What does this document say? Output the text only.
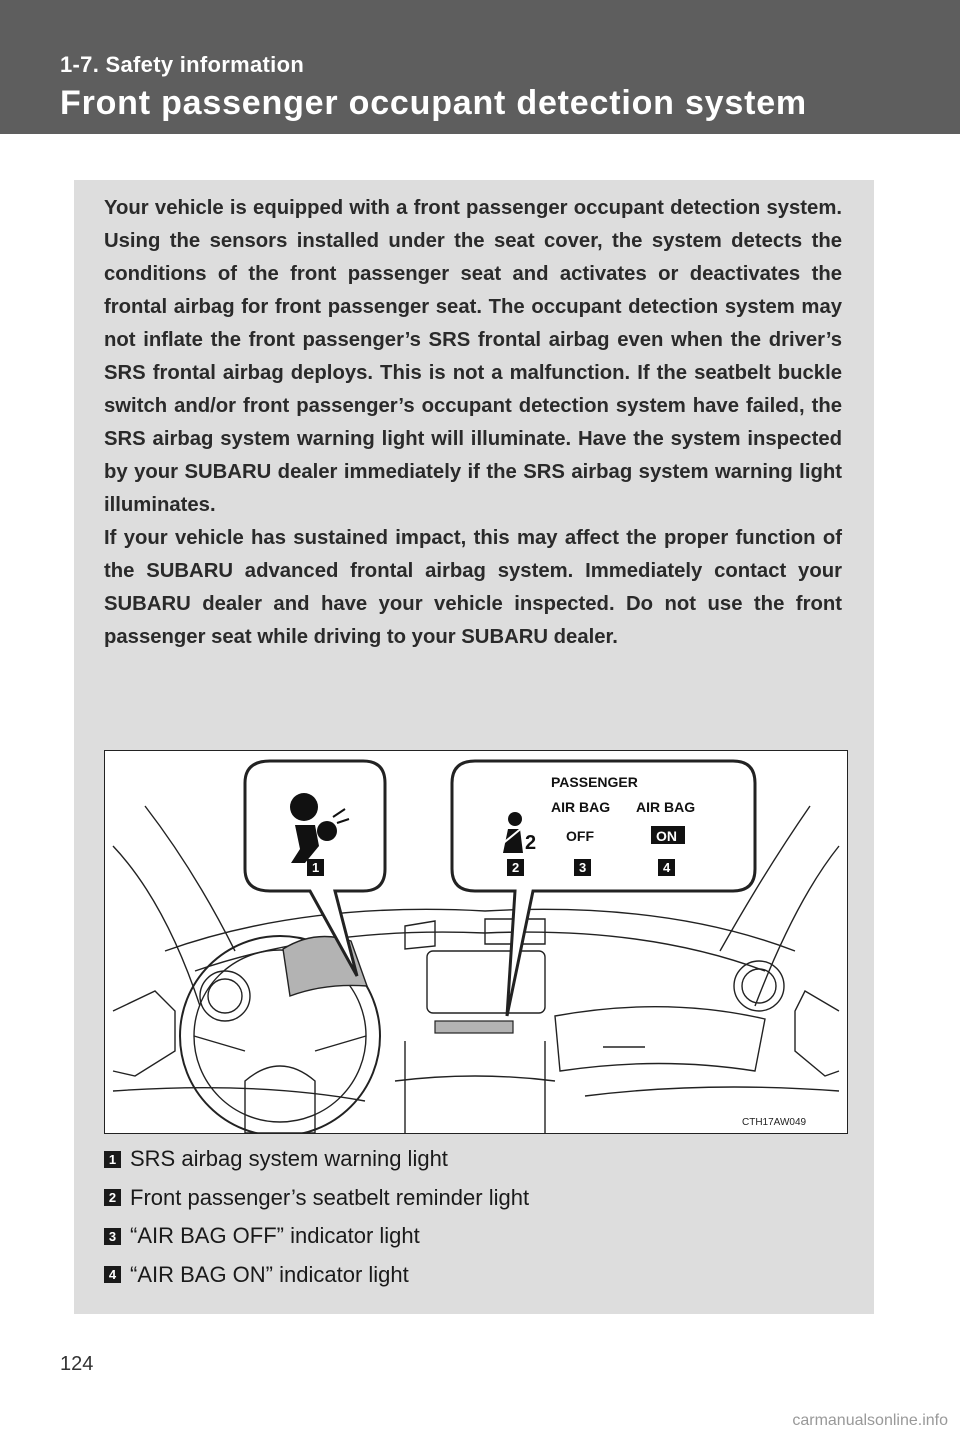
1-7. Safety information
Front passenger occupant detection system

Your vehicle is equipped with a front passenger occupant detection system. Using the sensors installed under the seat cover, the system detects the conditions of the front passenger seat and activates or deactivates the frontal airbag for front passenger seat. The occupant detection system may not inflate the front passenger’s SRS frontal airbag even when the driver’s SRS frontal airbag deploys. This is not a malfunction. If the seatbelt buckle switch and/or front passenger’s occupant detection system have failed, the SRS airbag system warning light will illuminate. Have the system inspected by your SUBARU dealer immediately if the SRS airbag system warning light illuminates.

If your vehicle has sustained impact, this may affect the proper function of the SUBARU advanced frontal airbag system. Immediately contact your SUBARU dealer and have your vehicle inspected. Do not use the front passenger seat while driving to your SUBARU dealer.

PASSENGER
AIR BAG AIR BAG
OFF	ON
2
1	2	3	4
CTH17AW049
1 SRS airbag system warning light
2 Front passenger’s seatbelt reminder light
3 “AIR BAG OFF” indicator light
4 “AIR BAG ON” indicator light
124
carmanualsonline.info
